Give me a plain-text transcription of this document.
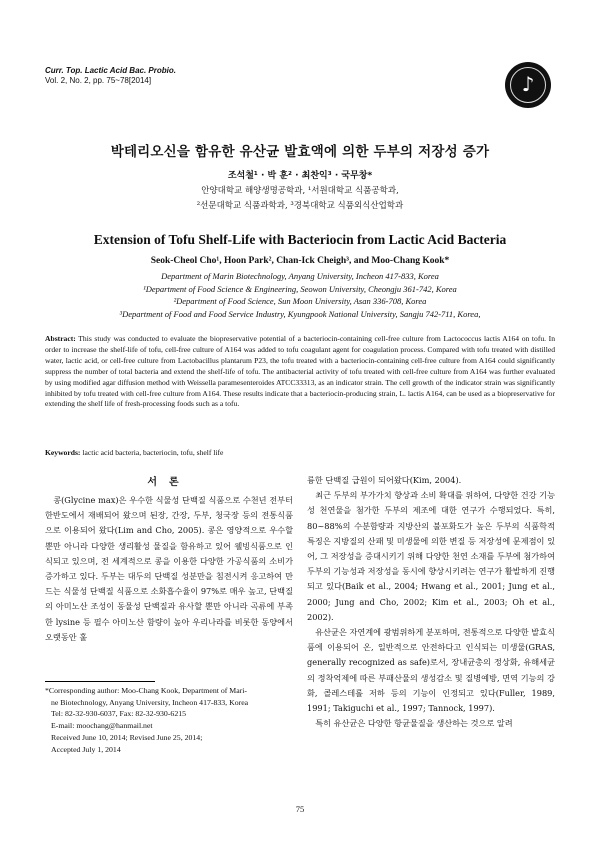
Curr. Top. Lactic Acid Bac. Probio.
Vol. 2, No. 2, pp. 75~78[2014]	♪
박테리오신을 함유한 유산균 발효액에 의한 두부의 저장성 증가
조석철¹ · 박 훈² · 최찬익³ · 국무창*
안양대학교 해양생명공학과, ¹서원대학교 식품공학과,
²선문대학교 식품과학과, ³경북대학교 식품외식산업학과
Extension of Tofu Shelf-Life with Bacteriocin from Lactic Acid Bacteria
Seok-Cheol Cho¹, Hoon Park², Chan-Ick Cheigh³, and Moo-Chang Kook*
Department of Marin Biotechnology, Anyang University, Incheon 417-833, Korea
¹Department of Food Science & Engineering, Seowon University, Cheongju 361-742, Korea
²Department of Food Science, Sun Moon University, Asan 336-708, Korea
³Department of Food and Food Service Industry, Kyungpook National University, Sangju 742-711, Korea,
Abstract: This study was conducted to evaluate the biopreservative potential of a bacteriocin-containing cell-free culture from Lactococcus lactis A164 on tofu. In order to increase the shelf-life of tofu, cell-free culture of A164 was added to tofu coagulant agent for coagulation process. Compared with tofu treated with distilled water, lactic acid, or cell-free culture from Lactobacillus plantarum P23, the tofu treated with a bacteriocin-containing cell-free culture from A164 could significantly suppress the number of total bacteria and extend the shelf-life of tofu. The antibacterial activity of tofu treated with cell-free culture from A164 was further evaluated by using modified agar diffusion method with Weissella paramesenteroides ATCC33313, as an indicator strain. The cell growth of the indicator strain was significantly inhibited by tofu treated with cell-free culture from A164. These results indicate that a bacteriocin-producing strain, L. lactis A164, can be used as a biopreservative for extending the shelf life of fresh-processing foods such as a tofu.
Keywords: lactic acid bacteria, bacteriocin, tofu, shelf life
서론

콩(Glycine max)은 우수한 식물성 단백질 식품으로 수천년 전부터 한반도에서 재배되어 왔으며 된장, 간장, 두부, 청국장 등의 전통식품으로 이용되어 왔다(Lim and Cho, 2005). 콩은 영양적으로 우수할 뿐만 아니라 다양한 생리활성 물질을 함유하고 있어 웰빙식품으로 인식되고 있으며, 전 세계적으로 콩을 이용한 다양한 가공식품의 소비가 증가하고 있다. 두부는 대두의 단백질 성분만을 침전시켜 응고하여 만드는 식물성 단백질 식품으로 소화흡수율이 97%로 매우 높고, 단백질의 아미노산 조성이 동물성 단백질과 유사할 뿐만 아니라 곡류에 부족한 lysine 등 필수 아미노산 함량이 높아 우리나라를 비롯한 동양에서 오랫동안 훌

륭한 단백질 급원이 되어왔다(Kim, 2004).

최근 두부의 부가가치 향상과 소비 확대를 위하여, 다양한 건강 기능성 천연물을 첨가한 두부의 제조에 대한 연구가 수행되었다. 특히, 80~88%의 수분함량과 지방산의 불포화도가 높은 두부의 식품학적 특징은 지방질의 산패 및 미생물에 의한 변질 등 저장성에 문제점이 있어, 그 저장성을 증대시키기 위해 다양한 천연 소재를 두부에 첨가하여 두부의 기능성과 저장성을 동시에 향상시키려는 연구가 활발하게 진행되고 있다(Baik et al., 2004; Hwang et al., 2001; Jung et al., 2000; Jung and Cho, 2002; Kim et al., 2003; Oh et al., 2002).

유산균은 자연계에 광범위하게 분포하며, 전통적으로 다양한 발효식품에 이용되어 온, 일반적으로 안전하다고 인식되는 미생물(GRAS, generally recognized as safe)로서, 장내균총의 정상화, 유해세균의 정착억제에 따른 부패산물의 생성감소 및 질병예방, 면역 기능의 강화, 콜레스테롤 저하 등의 기능이 인정되고 있다(Fuller, 1989, 1991; Takiguchi et al., 1997; Tannock, 1997).

특히 유산균은 다양한 항균물질을 생산하는 것으로 알려

*Corresponding author: Moo-Chang Kook, Department of Mari-
ne Biotechnology, Anyang University, Incheon 417-833, Korea
Tel: 82-32-930-6037, Fax: 82-32-930-6215
E-mail: moochang@hanmail.net
Received June 10, 2014; Revised June 25, 2014;
Accepted July 1, 2014
75
